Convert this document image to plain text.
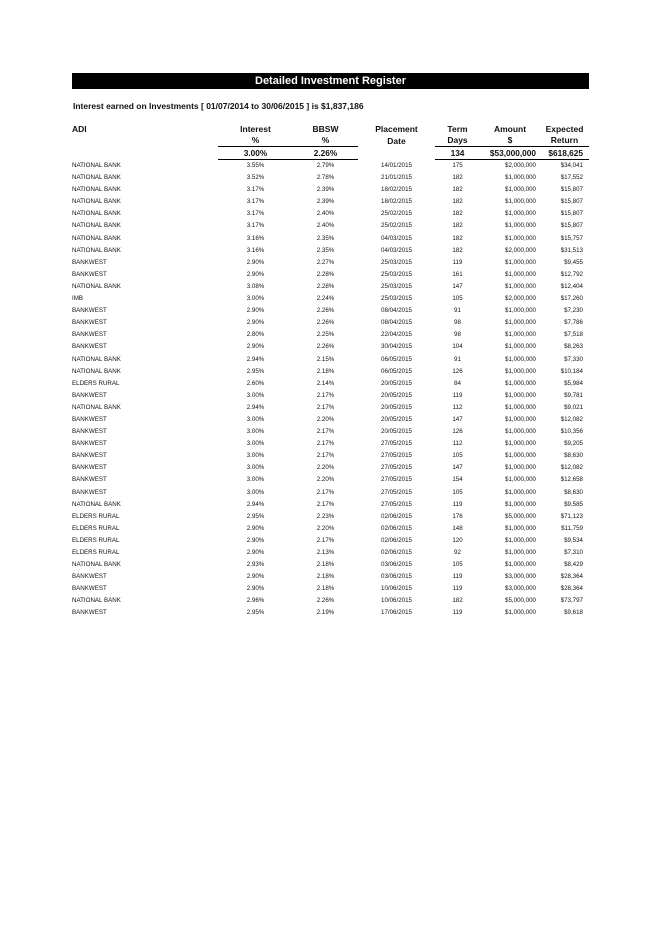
Detailed Investment Register
Interest earned on Investments [ 01/07/2014 to 30/06/2015 ] is $1,837,186
ADI	Interest	BBSW	Placement	Term	Amount	Expected
	%	%	Date	Days	$	Return
	3.00%	2.26%		134	$53,000,000	$618,625
NATIONAL BANK	3.55%	2.79%	14/01/2015	175	$2,000,000	$34,041
NATIONAL BANK	3.52%	2.78%	21/01/2015	182	$1,000,000	$17,552
NATIONAL BANK	3.17%	2.39%	18/02/2015	182	$1,000,000	$15,807
NATIONAL BANK	3.17%	2.39%	18/02/2015	182	$1,000,000	$15,807
NATIONAL BANK	3.17%	2.40%	25/02/2015	182	$1,000,000	$15,807
NATIONAL BANK	3.17%	2.40%	25/02/2015	182	$1,000,000	$15,807
NATIONAL BANK	3.16%	2.35%	04/03/2015	182	$1,000,000	$15,757
NATIONAL BANK	3.16%	2.35%	04/03/2015	182	$2,000,000	$31,513
BANKWEST	2.90%	2.27%	25/03/2015	119	$1,000,000	$9,455
BANKWEST	2.90%	2.28%	25/03/2015	161	$1,000,000	$12,792
NATIONAL BANK	3.08%	2.28%	25/03/2015	147	$1,000,000	$12,404
IMB	3.00%	2.24%	25/03/2015	105	$2,000,000	$17,260
BANKWEST	2.90%	2.26%	08/04/2015	91	$1,000,000	$7,230
BANKWEST	2.90%	2.26%	08/04/2015	98	$1,000,000	$7,786
BANKWEST	2.80%	2.25%	22/04/2015	98	$1,000,000	$7,518
BANKWEST	2.90%	2.26%	30/04/2015	104	$1,000,000	$8,263
NATIONAL BANK	2.94%	2.15%	06/05/2015	91	$1,000,000	$7,330
NATIONAL BANK	2.95%	2.18%	06/05/2015	126	$1,000,000	$10,184
ELDERS RURAL	2.60%	2.14%	20/05/2015	84	$1,000,000	$5,984
BANKWEST	3.00%	2.17%	20/05/2015	119	$1,000,000	$9,781
NATIONAL BANK	2.94%	2.17%	20/05/2015	112	$1,000,000	$9,021
BANKWEST	3.00%	2.20%	20/05/2015	147	$1,000,000	$12,082
BANKWEST	3.00%	2.17%	20/05/2015	126	$1,000,000	$10,356
BANKWEST	3.00%	2.17%	27/05/2015	112	$1,000,000	$9,205
BANKWEST	3.00%	2.17%	27/05/2015	105	$1,000,000	$8,630
BANKWEST	3.00%	2.20%	27/05/2015	147	$1,000,000	$12,082
BANKWEST	3.00%	2.20%	27/05/2015	154	$1,000,000	$12,658
BANKWEST	3.00%	2.17%	27/05/2015	105	$1,000,000	$8,630
NATIONAL BANK	2.94%	2.17%	27/05/2015	119	$1,000,000	$9,585
ELDERS RURAL	2.95%	2.23%	02/06/2015	176	$5,000,000	$71,123
ELDERS RURAL	2.90%	2.20%	02/06/2015	148	$1,000,000	$11,759
ELDERS RURAL	2.90%	2.17%	02/06/2015	120	$1,000,000	$9,534
ELDERS RURAL	2.90%	2.13%	02/06/2015	92	$1,000,000	$7,310
NATIONAL BANK	2.93%	2.18%	03/06/2015	105	$1,000,000	$8,429
BANKWEST	2.90%	2.18%	03/06/2015	119	$3,000,000	$28,364
BANKWEST	2.90%	2.18%	10/06/2015	119	$3,000,000	$28,364
NATIONAL BANK	2.96%	2.26%	10/06/2015	182	$5,000,000	$73,797
BANKWEST	2.95%	2.19%	17/06/2015	119	$1,000,000	$9,618
